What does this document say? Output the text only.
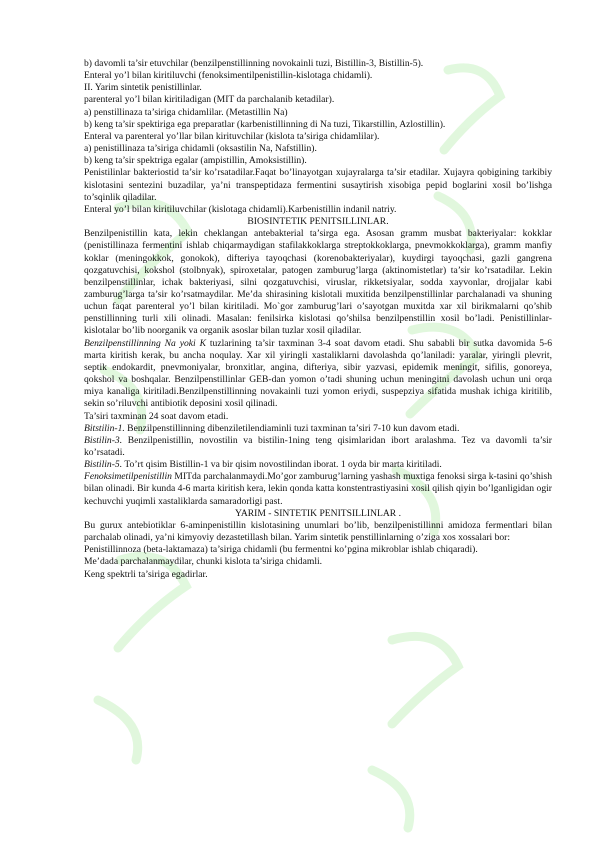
b) davomli ta’sir etuvchilar (benzilpenstillinning novokainli tuzi, Bistillin-3, Bistillin-5).

Enteral yo’l bilan kiritiluvchi (fenoksimentilpenistillin-kislotaga chidamli).

II. Yarim sintetik penistillinlar.

parenteral yo’l bilan kiritiladigan (MIT da parchalanib ketadilar).

a) penstillinaza ta’siriga chidamlilar. (Metastillin Na)

b) keng ta’sir spektiriga ega preparatlar (karbenistillinning di Na tuzi, Tikarstillin, Azlostillin).

Enteral va parenteral yo’llar bilan kirituvchilar (kislota ta’siriga chidamlilar).

a) penistillinaza ta’siriga chidamli (oksastilin Na, Nafstillin).

b) keng ta’sir spektriga egalar (ampistillin, Amoksistillin).

Penistilinlar bakteriostid ta’sir ko’rsatadilar.Faqat bo’linayotgan xujayralarga ta’sir etadilar. Xujayra qobigining tarkibiy kislotasini sentezini buzadilar, ya’ni transpeptidaza fermentini susaytirish xisobiga pepid boglarini xosil bo’lishga to’sqinlik qiladilar.

Enteral yo’l bilan kiritiluvchilar (kislotaga chidamli).Karbenistillin indanil natriy.

BIOSINTETIK PENITSILLINLAR.

Benzilpenistillin kata, lekin cheklangan antebakterial ta’sirga ega. Asosan gramm musbat bakteriyalar: kokklar (penistillinaza fermentini ishlab chiqarmaydigan stafilakkoklarga streptokkoklarga, pnevmokkoklarga), gramm manfiy koklar (meningokkok, gonokok), difteriya tayoqchasi (korenobakteriyalar), kuydirgi tayoqchasi, gazli gangrena qozgatuvchisi, kokshol (stolbnyak), spiroxetalar, patogen zamburug’larga (aktinomistetlar) ta’sir ko’rsatadilar. Lekin benzilpenstillinlar, ichak bakteriyasi, silni qozgatuvchisi, viruslar, rikketsiyalar, sodda xayvonlar, drojjalar kabi zamburug’larga ta’sir ko’rsatmaydilar. Me’da shirasining kislotali muxitida benzilpenstillinlar parchalanadi va shuning uchun faqat parenteral yo’l bilan kiritiladi. Mo`gor zamburug’lari o’sayotgan muxitda xar xil birikmalarni qo’shib penstillinning turli xili olinadi. Masalan: fenilsirka kislotasi qo’shilsa benzilpenstillin xosil bo’ladi. Penistillinlar-kislotalar bo’lib noorganik va organik asoslar bilan tuzlar xosil qiladilar.

Benzilpenstillinning Na yoki K tuzlarining ta’sir taxminan 3-4 soat davom etadi. Shu sababli bir sutka davomida 5-6 marta kiritish kerak, bu ancha noqulay. Xar xil yiringli xastaliklarni davolashda qo’laniladi: yaralar, yiringli plevrit, septik endokardit, pnevmoniyalar, bronxitlar, angina, difteriya, sibir yazvasi, epidemik meningit, sifilis, gonoreya, qokshol va boshqalar. Benzilpenstillinlar GEB-dan yomon o’tadi shuning uchun meningitni davolash uchun uni orqa miya kanaliga kiritiladi.Benzilpenstillinning novakainli tuzi yomon eriydi, suspepziya sifatida mushak ichiga kiritilib, sekin so’riluvchi antibiotik deposini xosil qilinadi.

Ta’siri taxminan 24 soat davom etadi.

Bitstilin-1. Benzilpenstillinning dibenziletilendiaminli tuzi taxminan ta’siri 7-10 kun davom etadi.

Bistilin-3. Benzilpenistillin, novostilin va bistilin-1ning teng qisimlaridan ibort aralashma. Tez va davomli ta’sir ko’rsatadi.

Bistilin-5. To’rt qisim Bistillin-1 va bir qisim novostilindan iborat. 1 oyda bir marta kiritiladi.

Fenoksimetilpenistillin MITda parchalanmaydi.Mo’gor zamburug’larning yashash muxtiga fenoksi sirga k-tasini qo’shish bilan olinadi. Bir kunda 4-6 marta kiritish kera, lekin qonda katta konstentrastiyasini xosil qilish qiyin bo’lganligidan ogir kechuvchi yuqimli xastaliklarda samaradorligi past.

YARIM - SINTETIK PENITSILLINLAR .

Bu gurux antebiotiklar 6-aminpenistillin kislotasining unumlari bo’lib, benzilpenistillinni amidoza fermentlari bilan parchalab olinadi, ya’ni kimyoviy dezastetillash bilan. Yarim sintetik penstillinlarning o’ziga xos xossalari bor:

Penistillinnoza (beta-laktamaza) ta’siriga chidamli (bu fermentni ko’pgina mikroblar ishlab chiqaradi).

Me’dada parchalanmaydilar, chunki kislota ta’siriga chidamli.

Keng spektrli ta’siriga egadirlar.
